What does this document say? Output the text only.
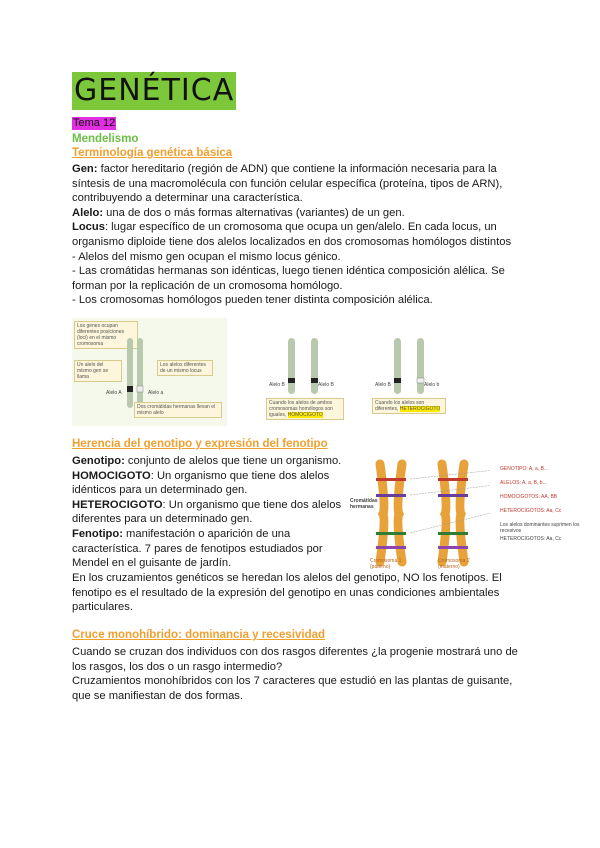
GENÉTICA
Tema 12
Mendelismo
Terminología genética básica
Gen: factor hereditario (región de ADN) que contiene la información necesaria para la síntesis de una macromolécula con función celular específica (proteína, tipos de ARN), contribuyendo a determinar una característica.
Alelo: una de dos o más formas alternativas (variantes) de un gen.
Locus: lugar específico de un cromosoma que ocupa un gen/alelo. En cada locus, un organismo diploide tiene dos alelos localizados en dos cromosomas homólogos distintos
- Alelos del mismo gen ocupan el mismo locus génico.
- Las cromátidas hermanas son idénticas, luego tienen idéntica composición alélica. Se forman por la replicación de un cromosoma homólogo.
- Los cromosomas homólogos pueden tener distinta composición alélica.
Los genes ocupan diferentes posiciones (loci) en el mismo cromosoma
Un alelo del mismo gen se llama
Los alelos diferentes de un mismo locus
Alelo A	Alelo a
Dos cromátidas hermanas llevan el mismo alelo
Alelo B	Alelo B
Cuando los alelos de ambos cromosomas homólogos son iguales, HOMOCIGOTO
Alelo B	Alelo b
Cuando los alelos son diferentes, HETEROCIGOTO
Herencia del genotipo y expresión del fenotipo
Genotipo: conjunto de alelos que tiene un organismo.
HOMOCIGOTO: Un organismo que tiene dos alelos idénticos para un determinado gen.
HETEROCIGOTO: Un organismo que tiene dos alelos diferentes para un determinado gen.
Fenotipo: manifestación o aparición de una característica. 7 pares de fenotipos estudiados por Mendel en el guisante de jardín.
Cromátidas hermanas
Cromosoma 1 (paterno)
Cromosoma 1' (materno)
GENOTIPO: A, a, B...
ALELOS: A, a, B, b...
HOMOCIGOTOS: AA, BB
HETEROCIGOTOS: Aa, Cc
Los alelos dominantes suprimen los recesivos
HETEROCIGOTOS: Aa, Cc
En los cruzamientos genéticos se heredan los alelos del genotipo, NO los fenotipos. El fenotipo es el resultado de la expresión del genotipo en unas condiciones ambientales particulares.
Cruce monohíbrido: dominancia y recesividad
Cuando se cruzan dos individuos con dos rasgos diferentes ¿la progenie mostrará uno de los rasgos, los dos o un rasgo intermedio?
Cruzamientos monohíbridos con los 7 caracteres que estudió en las plantas de guisante, que se manifiestan de dos formas.
